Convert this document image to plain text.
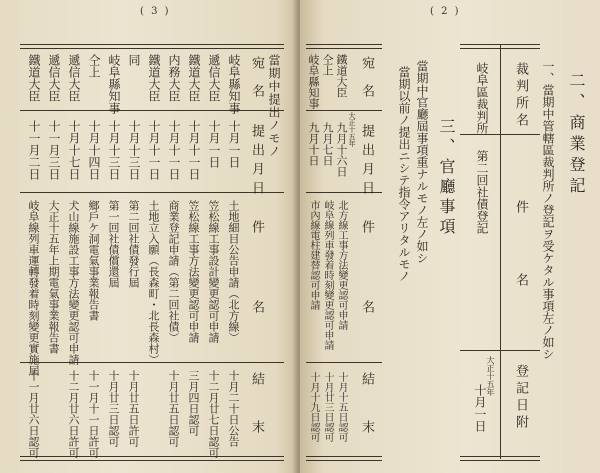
( 3 )
當期中提出ノモノ
宛
名
提出月日
件
名
結
末
岐阜縣知事
十月一日
土地細目公告申請（北方線）
十月二十日公告
遞信大臣
十月一日
笠松線工事設計變更認可申請
十二月廿七日認可
鐵道大臣
十月十一日
笠松線工事方法變更認可申請
三月四日認可
内務大臣
十月十一日
商業登記申請（第二回社債）
十月廿五日認可
鐵道大臣
十月十一日
土地立入願（長森町・北長森村）
同
十月十三日
第二回社債發行屆
十月廿五日許可
岐阜縣知事
十月十三日
第一回社債償還屆
十月廿三日認可
仝上
十月十四日
鄉戶ケ洞電氣事業報告書
十一月十一日許可
遞信大臣
十月十七日
犬山線施設工事方法變更認可申請
十二月廿六日許可
遞信大臣
十一月三日
大正十五年上期電氣事業報告書
鐵道大臣
十一月二日
岐阜線列車運轉發着時刻變更實施屆
十一月廿六日認可
( 2 )
二、商業登記
一、當期中管轄區裁判所ノ登記ヲ受ケタル事項左ノ如シ
裁判所名
件名
登記日附
岐阜區裁判所
第二回社債登記
大正十五年
十月一日
三、官廳事項
當期中官廳屆事項重ナルモノ左ノ如シ
當期以前ノ提出ニシテ指令アリタルモノ
宛
名
提出月日
件
名
結
末
大正十五年
鐵道大臣
九月十六日
北方線工事方法變更認可申請
十月十五日認可
仝上
九月七日
岐阜線列車發着時刻變更認可申請
十月廿三日認可
岐阜縣知事
九月十日
市內線電柱建替認可申請
十月十九日認可
